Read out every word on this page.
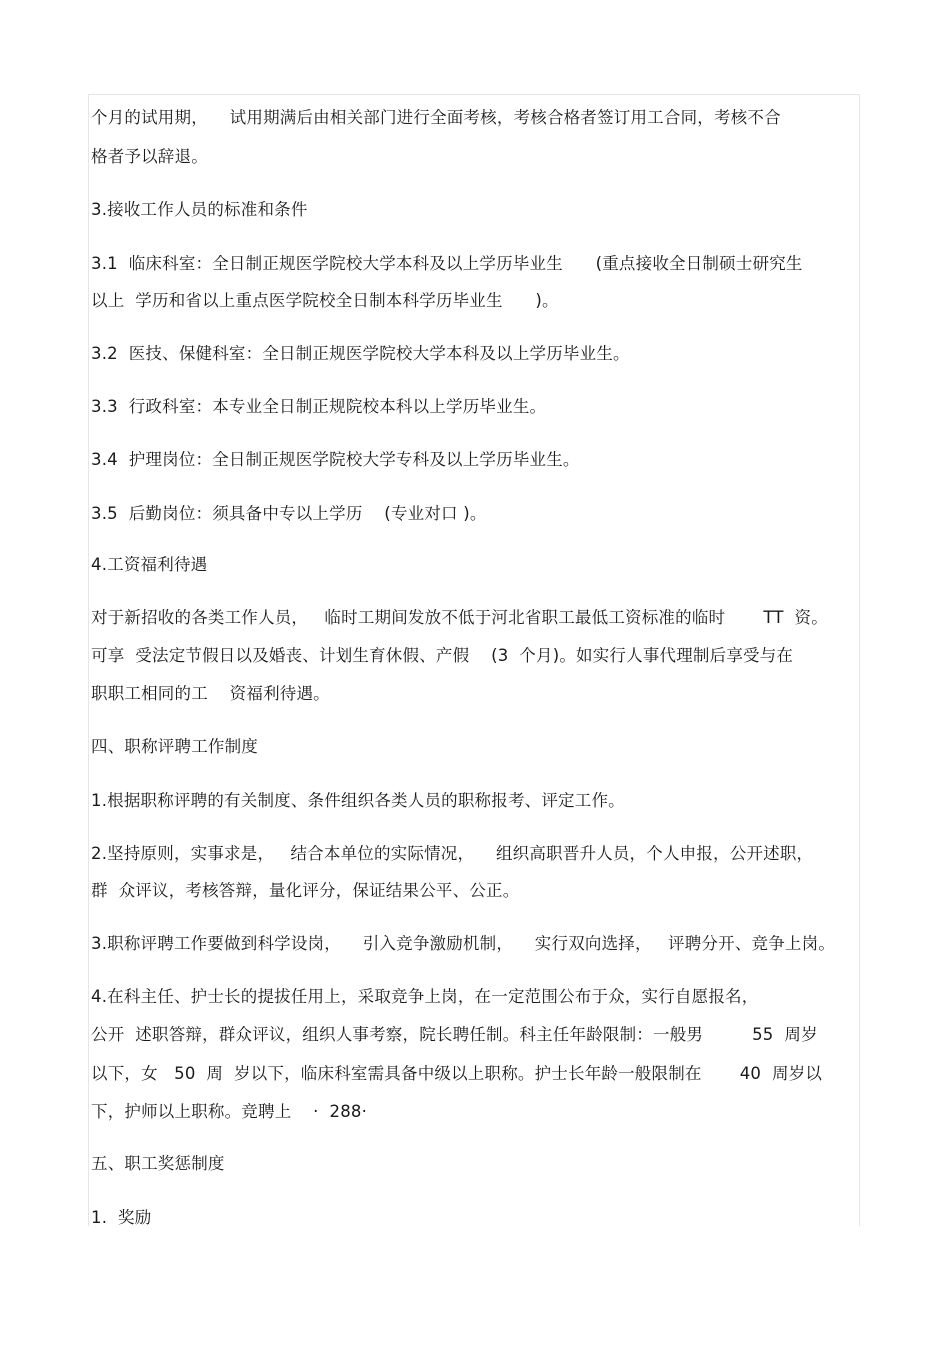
个月的试用期，    试用期满后由相关部门进行全面考核，考核合格者签订用工合同，考核不合
格者予以辞退。
3.接收工作人员的标准和条件
3.1  临床科室：全日制正规医学院校大学本科及以上学历毕业生      (重点接收全日制硕士研究生
以上  学历和省以上重点医学院校全日制本科学历毕业生      )。
3.2  医技、保健科室：全日制正规医学院校大学本科及以上学历毕业生。
3.3  行政科室：本专业全日制正规院校本科以上学历毕业生。
3.4  护理岗位：全日制正规医学院校大学专科及以上学历毕业生。
3.5  后勤岗位：须具备中专以上学历    (专业对口 )。
4.工资福利待遇
对于新招收的各类工作人员，   临时工期间发放不低于河北省职工最低工资标准的临时       TT  资。
可享  受法定节假日以及婚丧、计划生育休假、产假    (3  个月)。如实行人事代理制后享受与在
职职工相同的工    资福利待遇。
四、职称评聘工作制度
1.根据职称评聘的有关制度、条件组织各类人员的职称报考、评定工作。
2.坚持原则，实事求是，   结合本单位的实际情况，    组织高职晋升人员，个人申报，公开述职，
群  众评议，考核答辩，量化评分，保证结果公平、公正。
3.职称评聘工作要做到科学设岗，    引入竞争激励机制，    实行双向选择，   评聘分开、竞争上岗。
4.在科主任、护士长的提拔任用上，采取竞争上岗，在一定范围公布于众，实行自愿报名，
公开  述职答辩，群众评议，组织人事考察，院长聘任制。科主任年龄限制：一般男         55  周岁
以下，女   50  周  岁以下，临床科室需具备中级以上职称。护士长年龄一般限制在       40  周岁以
下，护师以上职称。竞聘上    ·  288·
五、职工奖惩制度
1.  奖励
